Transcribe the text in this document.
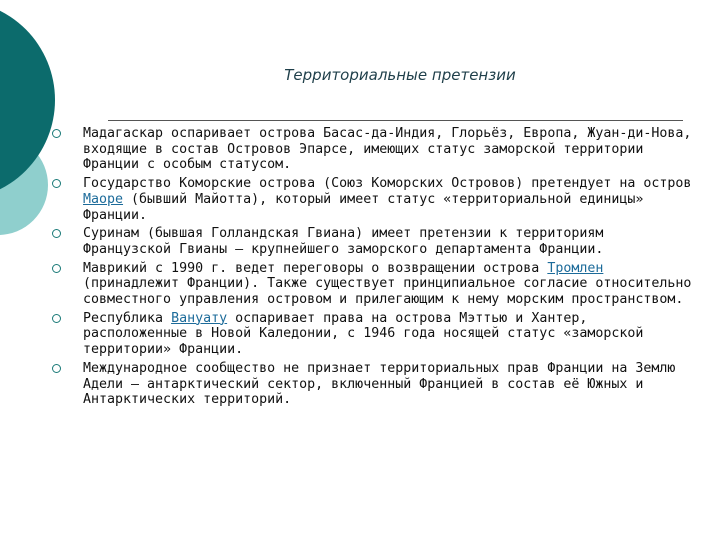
Территориальные претензии
Мадагаскар оспаривает острова Басас-да-Индия, Глорьёз, Европа, Жуан-ди-Нова, входящие в состав Островов Эпарсе, имеющих статус заморской территории Франции с особым статусом.
Государство Коморские острова (Союз Коморских Островов) претендует на остров Маоре (бывший Майотта), который имеет статус «территориальной единицы» Франции.
Суринам (бывшая Голландская Гвиана) имеет претензии к территориям Французской Гвианы — крупнейшего заморского департамента Франции.
Маврикий с 1990 г. ведет переговоры о возвращении острова Тромлен (принадлежит Франции). Также существует принципиальное согласие относительно совместного управления островом и прилегающим к нему морским пространством.
Республика Вануату оспаривает права на острова Мэттью и Хантер, расположенные в Новой Каледонии, с 1946 года носящей статус «заморской территории» Франции.
Международное сообщество не признает территориальных прав Франции на Землю Адели — антарктический сектор, включенный Францией в состав её Южных и Антарктических территорий.
